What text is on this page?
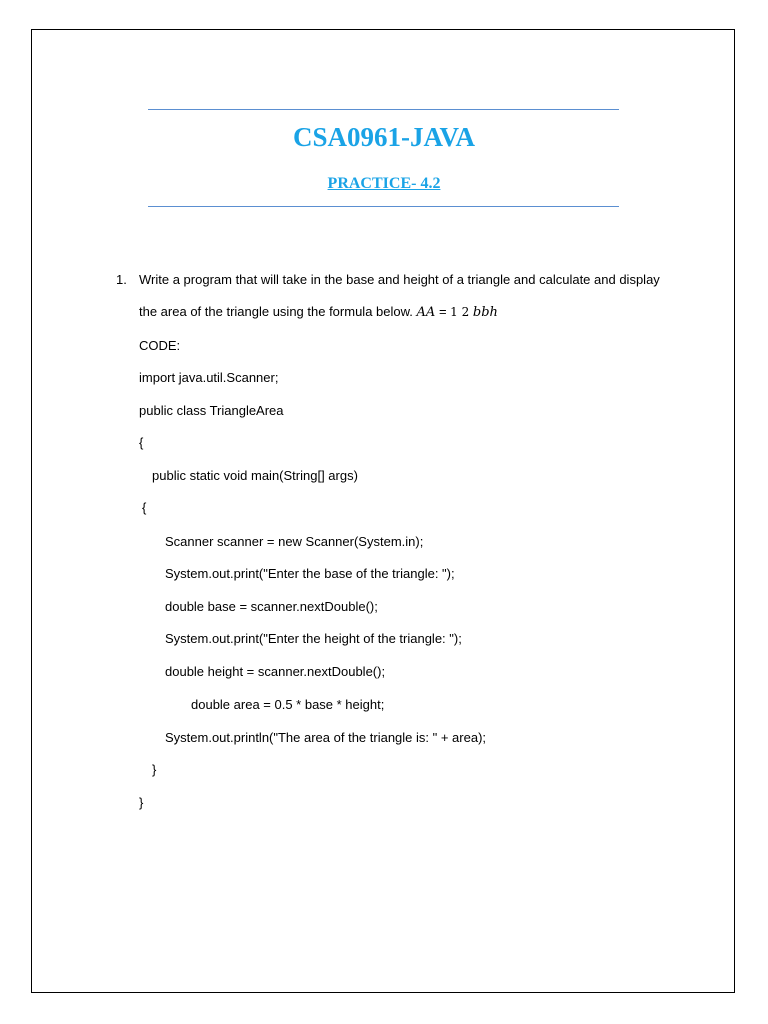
CSA0961-JAVA
PRACTICE- 4.2
1. Write a program that will take in the base and height of a triangle and calculate and display
the area of the triangle using the formula below. AA = 1 2 bbh
CODE:
import java.util.Scanner;
public class TriangleArea
{
public static void main(String[] args)
{
Scanner scanner = new Scanner(System.in);
System.out.print("Enter the base of the triangle: ");
double base = scanner.nextDouble();
System.out.print("Enter the height of the triangle: ");
double height = scanner.nextDouble();
double area = 0.5 * base * height;
System.out.println("The area of the triangle is: " + area);
}
}
